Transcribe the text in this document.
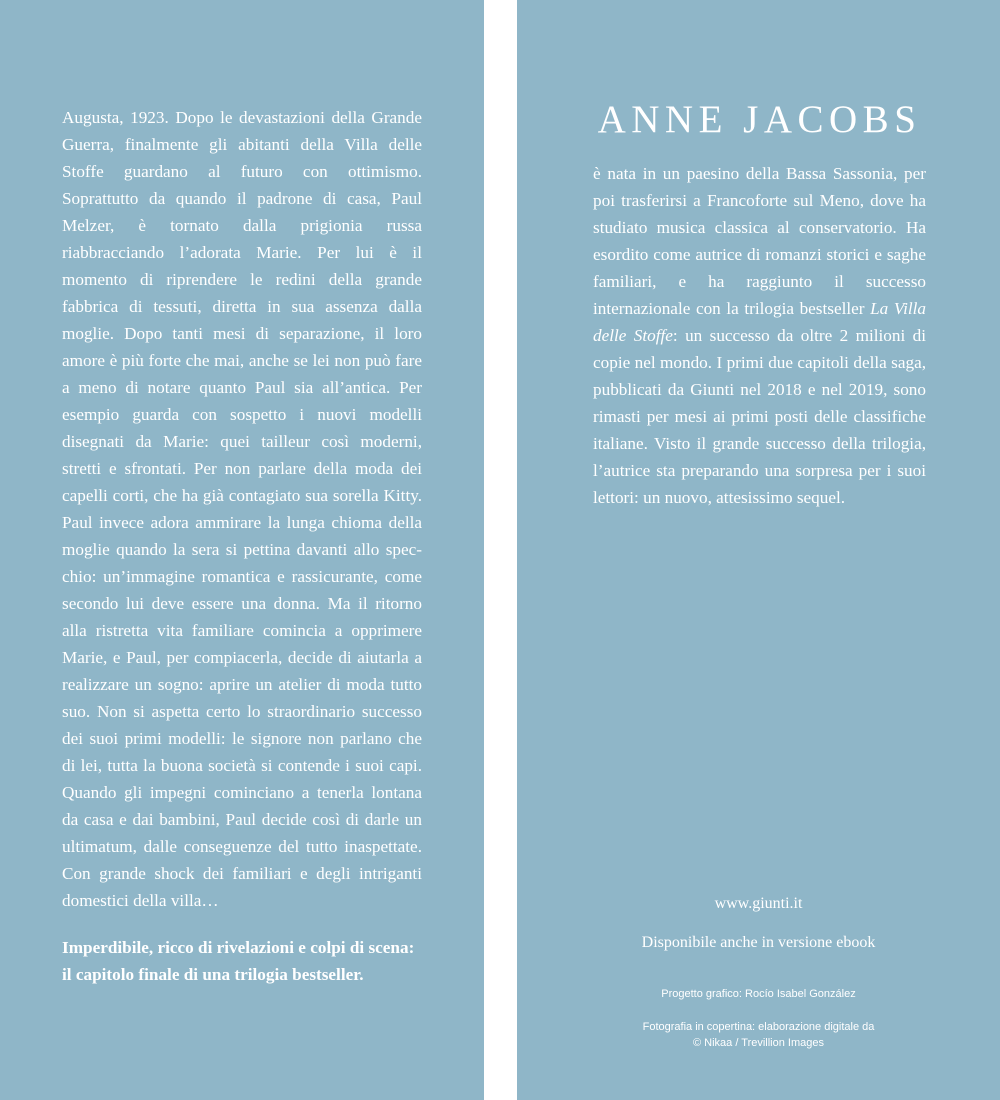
Augusta, 1923. Dopo le devastazioni della Grande Guerra, finalmente gli abitanti della Villa delle Stoffe guardano al futuro con ottimismo. Soprattutto da quando il padrone di casa, Paul Melzer, è tornato dalla prigionia russa riabbracciando l’adorata Marie. Per lui è il momento di riprendere le redini della grande fabbrica di tessuti, diretta in sua assenza dalla moglie. Dopo tanti mesi di separazione, il loro amore è più forte che mai, anche se lei non può fare a meno di notare quanto Paul sia all’antica. Per esempio guarda con sospetto i nuovi modelli disegnati da Marie: quei tailleur così moderni, stretti e sfrontati. Per non parlare della moda dei capelli corti, che ha già contagiato sua sorella Kitty. Paul invece adora ammirare la lunga chioma della moglie quando la sera si pettina davanti allo specchio: un’immagine romantica e rassicurante, come secondo lui deve essere una donna. Ma il ritorno alla ristretta vita familiare comincia a opprimere Marie, e Paul, per compiacerla, decide di aiutarla a realizzare un sogno: aprire un atelier di moda tutto suo. Non si aspetta certo lo straordinario successo dei suoi primi modelli: le signore non parlano che di lei, tutta la buona società si contende i suoi capi. Quando gli impegni cominciano a tenerla lontana da casa e dai bambini, Paul decide così di darle un ultimatum, dalle conseguenze del tutto inaspettate. Con grande shock dei familiari e degli intriganti domestici della villa…

Imperdibile, ricco di rivelazioni e colpi di scena: il capitolo finale di una trilogia bestseller.

ANNE JACOBS

è nata in un paesino della Bassa Sassonia, per poi trasferirsi a Francoforte sul Meno, dove ha studiato musica classica al conservatorio. Ha esordito come autrice di romanzi storici e saghe familiari, e ha raggiunto il successo internazionale con la trilogia bestseller La Villa delle Stoffe: un successo da oltre 2 milioni di copie nel mondo. I primi due capitoli della saga, pubblicati da Giunti nel 2018 e nel 2019, sono rimasti per mesi ai primi posti delle classifiche italiane. Visto il grande successo della trilogia, l’autrice sta preparando una sorpresa per i suoi lettori: un nuovo, attesissimo sequel.

www.giunti.it
Disponibile anche in versione ebook
Progetto grafico: Rocío Isabel González
Fotografia in copertina: elaborazione digitale da
© Nikaa / Trevillion Images
